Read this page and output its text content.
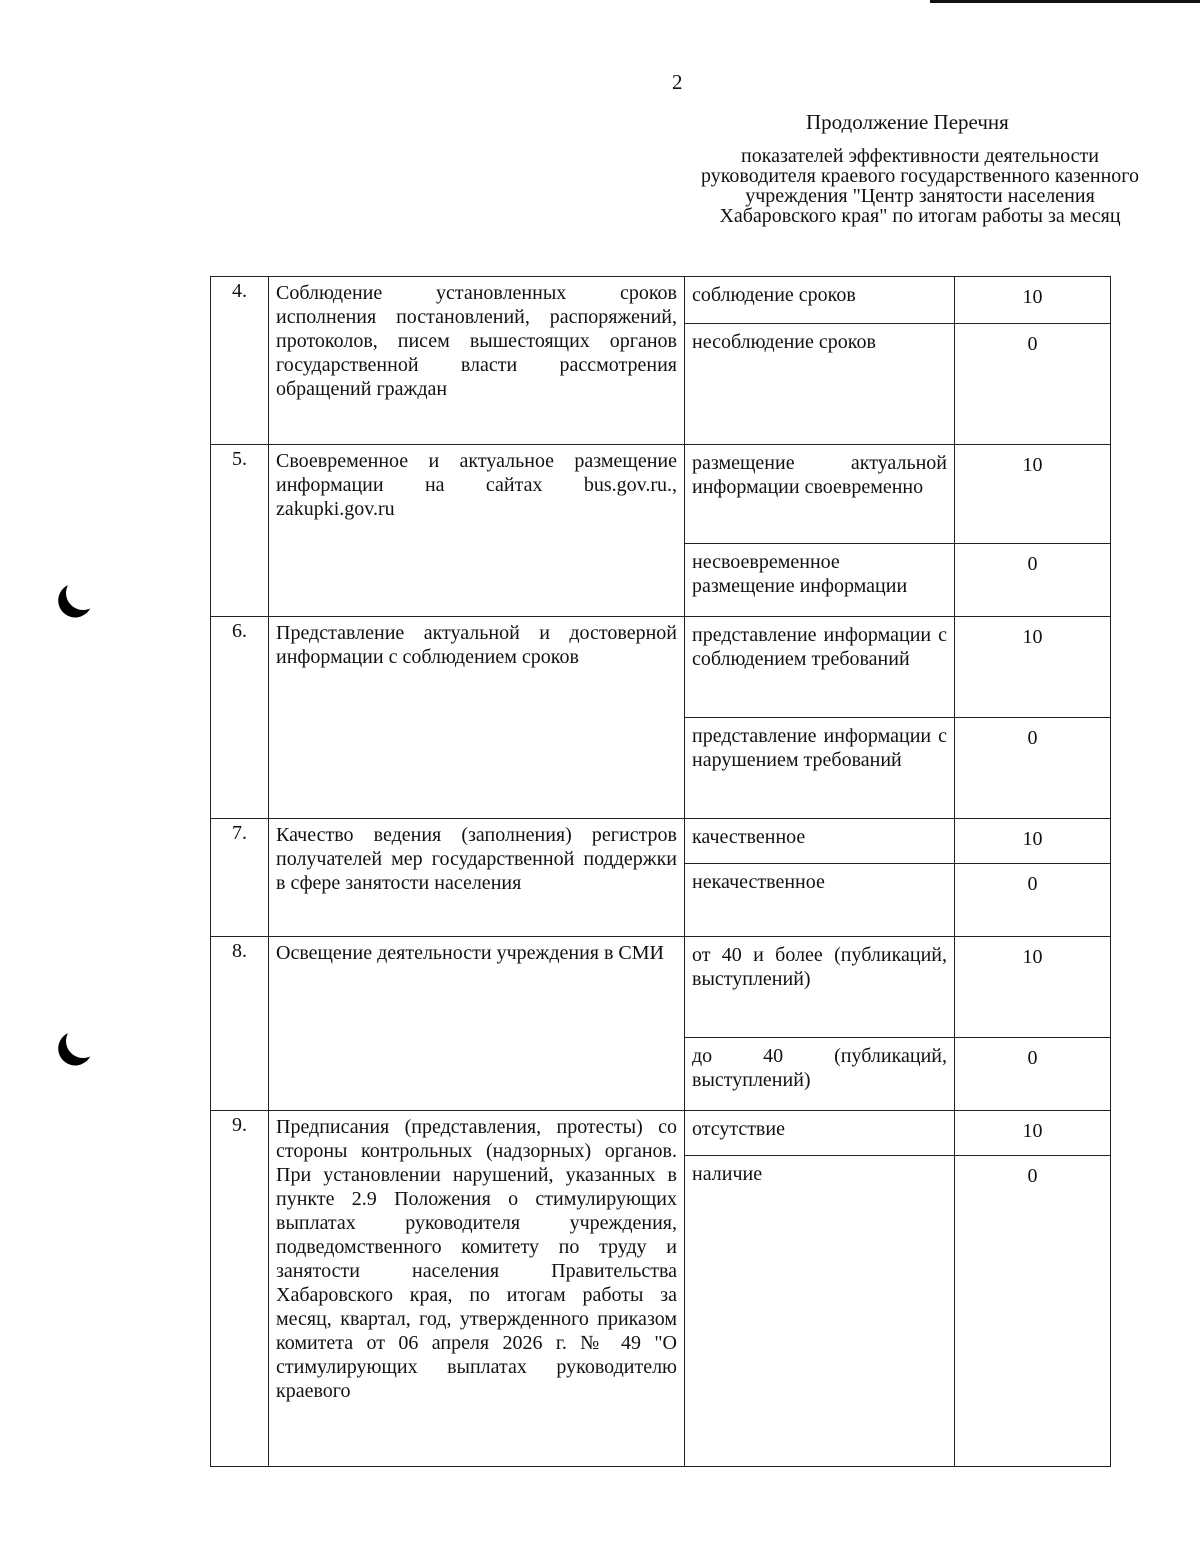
2
Продолжение Перечня
показателей эффективности деятельности руководителя краевого государственного казенного учреждения "Центр занятости населения Хабаровского края" по итогам работы за месяц
4.	Соблюдение установленных сроков исполнения постановлений, распоряжений, протоколов, писем вышестоящих органов государственной власти рассмотрения обращений граждан	соблюдение сроков	10
		несоблюдение сроков	0
5.	Своевременное и актуальное размещение информации на сайтах bus.gov.ru., zakupki.gov.ru	размещение актуальной информации своевременно	10
		несвоевременное размещение информации	0
6.	Представление актуальной и достоверной информации с соблюдением сроков	представление информации с соблюдением требований	10
		представление информации с нарушением требований	0
7.	Качество ведения (заполнения) регистров получателей мер государственной поддержки в сфере занятости населения	качественное	10
		некачественное	0
8.	Освещение деятельности учреждения в СМИ	от 40 и более (публикаций, выступлений)	10
		до 40 (публикаций, выступлений)	0
9.	Предписания (представления, протесты) со стороны контрольных (надзорных) органов. При установлении нарушений, указанных в пункте 2.9 Положения о стимулирующих выплатах руководителя учреждения, подведомственного комитету по труду и занятости населения Правительства Хабаровского края, по итогам работы за месяц, квартал, год, утвержденного приказом комитета от 06 апреля 2026 г. № 49 "О стимулирующих выплатах руководителю краевого	отсутствие	10
		наличие	0
